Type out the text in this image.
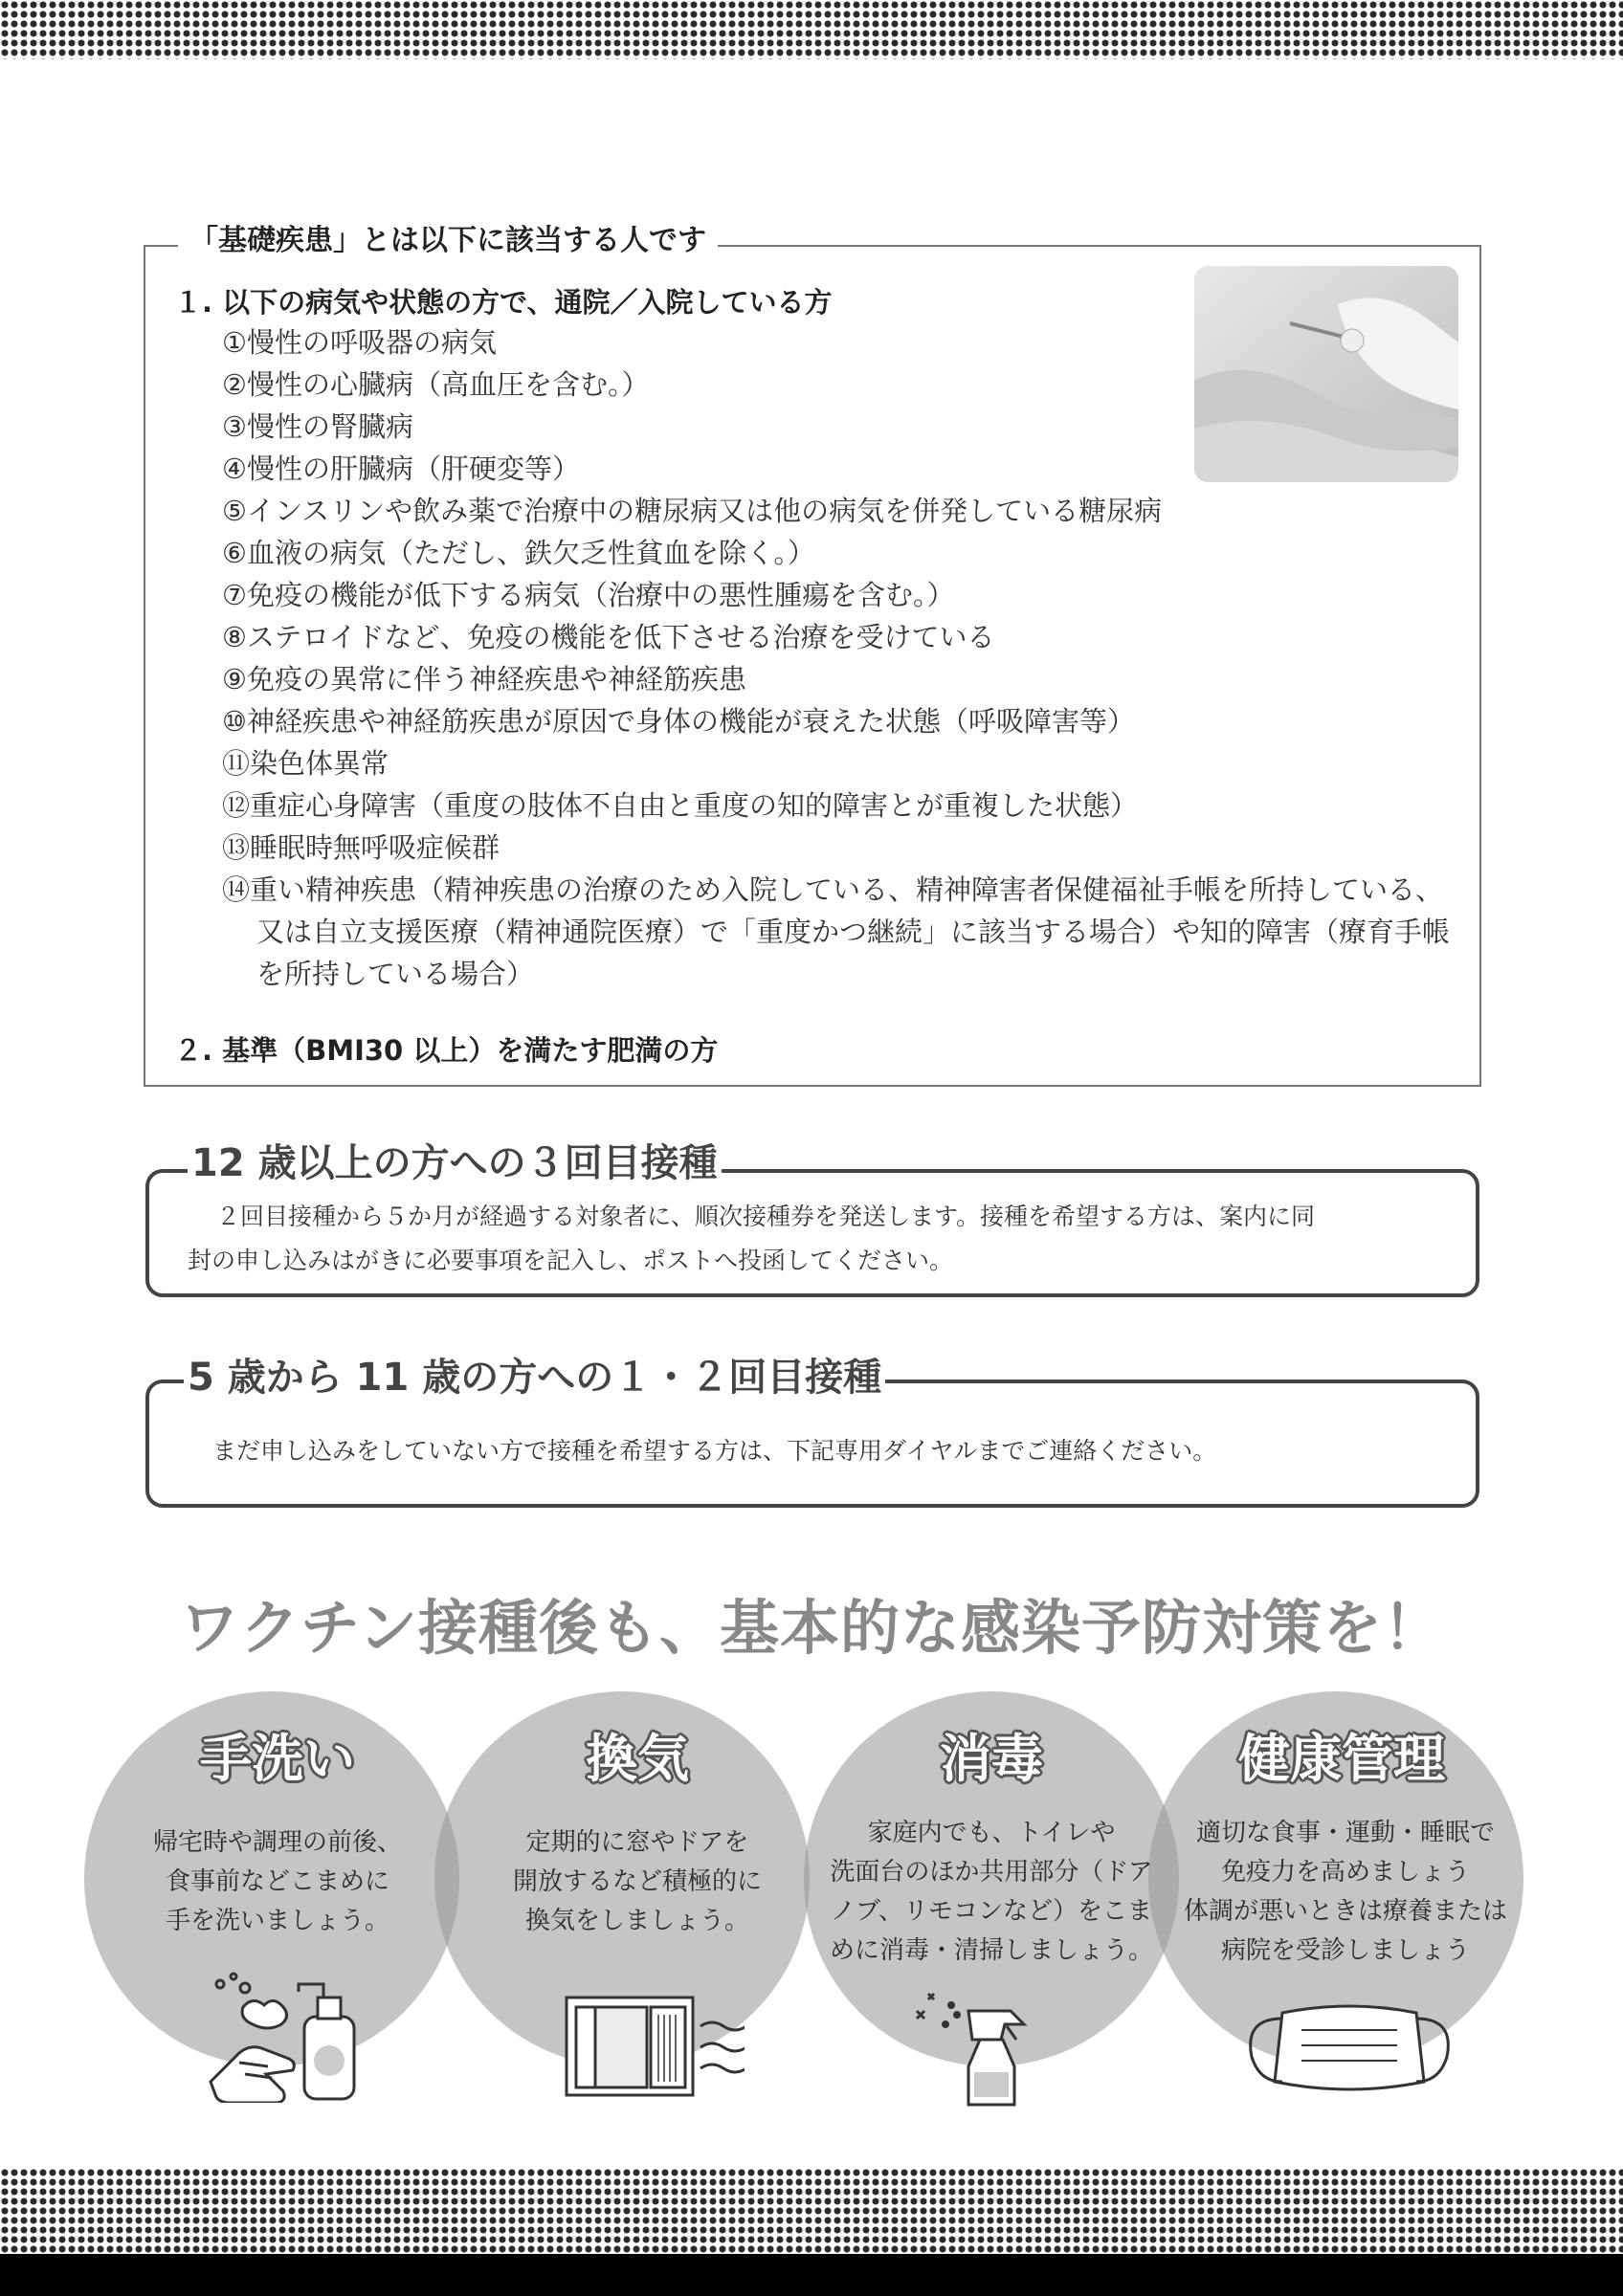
「基礎疾患」とは以下に該当する人です
１. 以下の病気や状態の方で、通院／入院している方
①慢性の呼吸器の病気
②慢性の心臓病（高血圧を含む。）
③慢性の腎臓病
④慢性の肝臓病（肝硬変等）
⑤インスリンや飲み薬で治療中の糖尿病又は他の病気を併発している糖尿病
⑥血液の病気（ただし、鉄欠乏性貧血を除く。）
⑦免疫の機能が低下する病気（治療中の悪性腫瘍を含む。）
⑧ステロイドなど、免疫の機能を低下させる治療を受けている
⑨免疫の異常に伴う神経疾患や神経筋疾患
⑩神経疾患や神経筋疾患が原因で身体の機能が衰えた状態（呼吸障害等）
⑪染色体異常
⑫重症心身障害（重度の肢体不自由と重度の知的障害とが重複した状態）
⑬睡眠時無呼吸症候群
⑭重い精神疾患（精神疾患の治療のため入院している、精神障害者保健福祉手帳を所持している、又は自立支援医療（精神通院医療）で「重度かつ継続」に該当する場合）や知的障害（療育手帳を所持している場合）
２. 基準（BMI30 以上）を満たす肥満の方
12 歳以上の方への３回目接種

２回目接種から５か月が経過する対象者に、順次接種券を発送します。接種を希望する方は、案内に同

封の申し込みはがきに必要事項を記入し、ポストへ投函してください。

5 歳から 11 歳の方への１・２回目接種
まだ申し込みをしていない方で接種を希望する方は、下記専用ダイヤルまでご連絡ください。
ワクチン接種後も、基本的な感染予防対策を！
手洗い	換気	消毒	健康管理

帰宅時や調理の前後、

食事前などこまめに

手を洗いましょう。

定期的に窓やドアを

開放するなど積極的に

換気をしましょう。

家庭内でも、トイレや

洗面台のほか共用部分（ドア

ノブ、リモコンなど）をこま

めに消毒・清掃しましょう。

適切な食事・運動・睡眠で

免疫力を高めましょう

体調が悪いときは療養または

病院を受診しましょう
